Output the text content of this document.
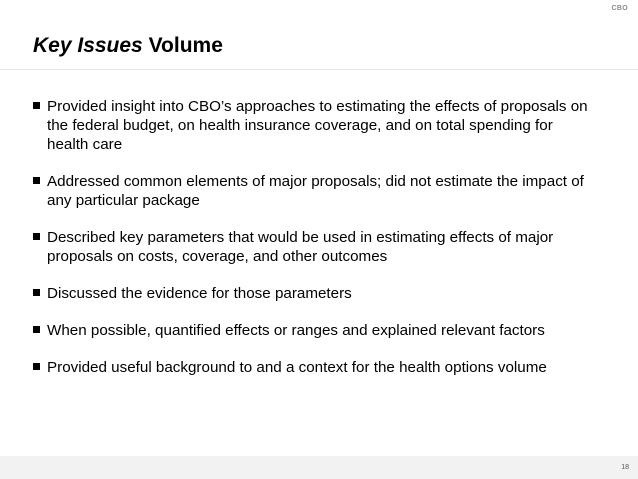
CBO
Key Issues Volume
Provided insight into CBO’s approaches to estimating the effects of proposals on the federal budget, on health insurance coverage, and on total spending for health care
Addressed common elements of major proposals; did not estimate the impact of any particular package
Described key parameters that would be used in estimating effects of major proposals on costs, coverage, and other outcomes
Discussed the evidence for those parameters
When possible, quantified effects or ranges and explained relevant factors
Provided useful background to and a context for the health options volume
18
